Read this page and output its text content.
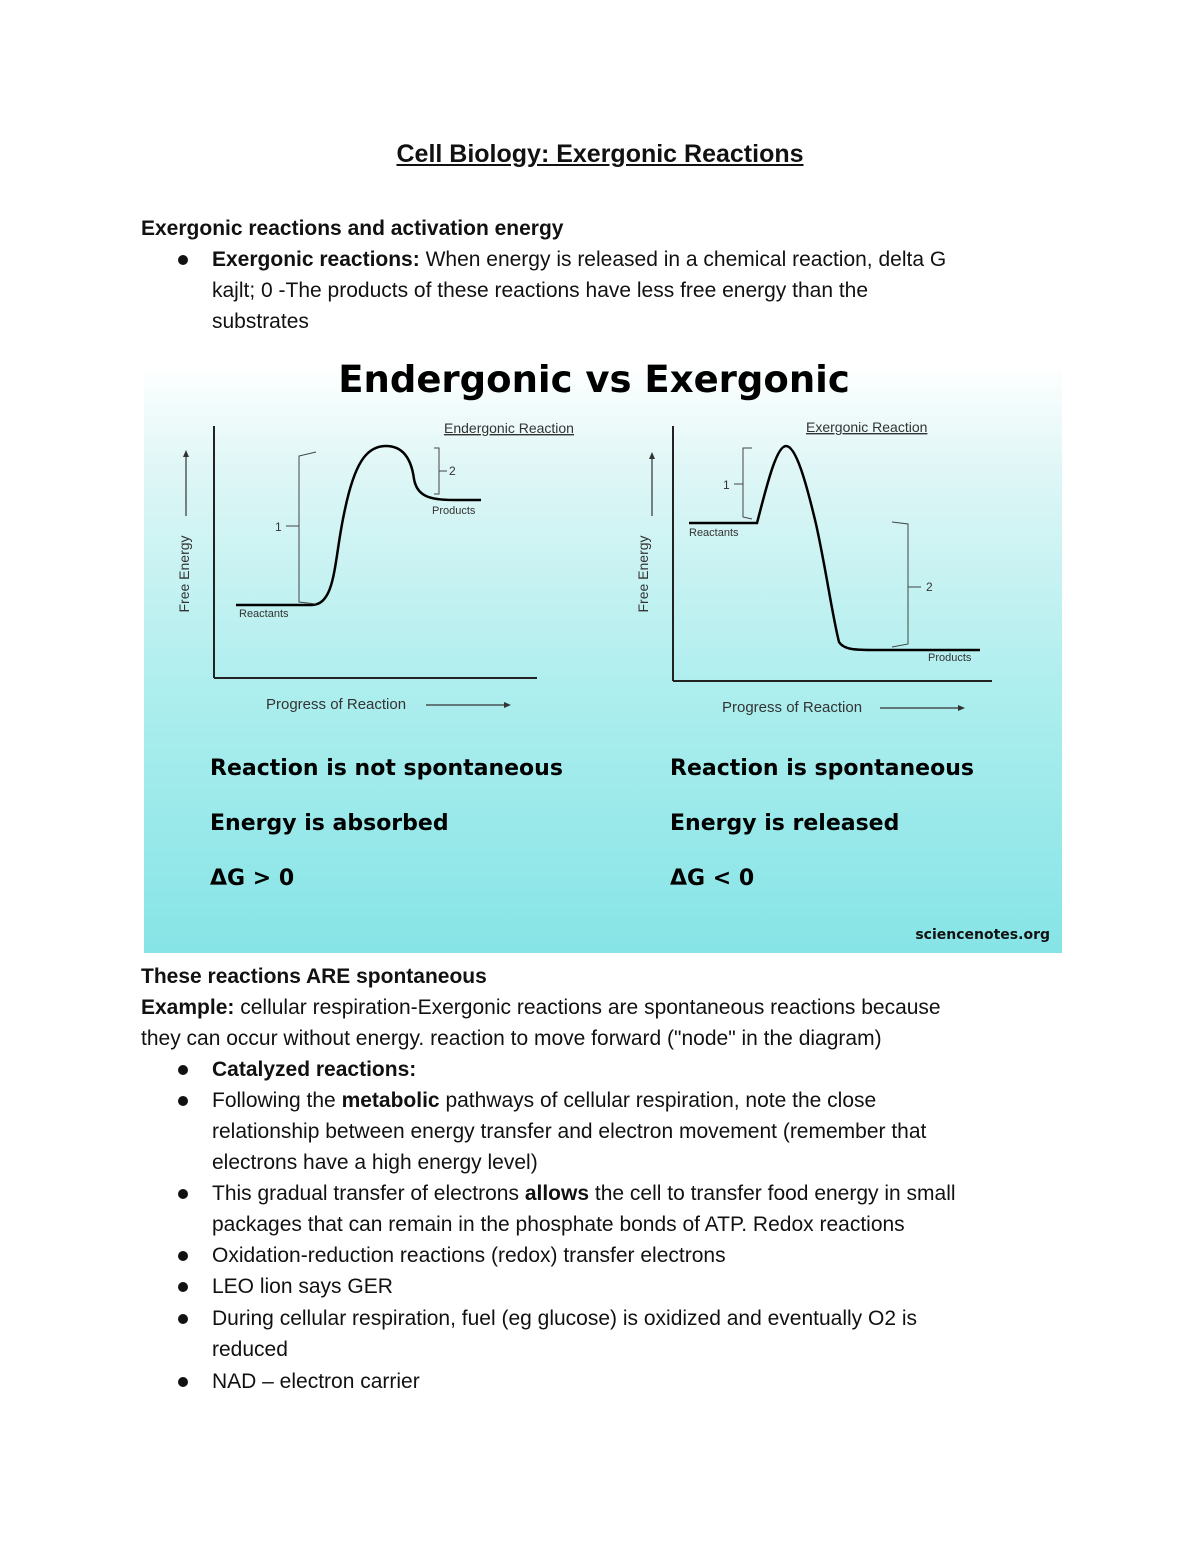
Cell Biology: Exergonic Reactions

Exergonic reactions and activation energy

Exergonic reactions: When energy is released in a chemical reaction, delta G
kajlt; 0 -The products of these reactions have less free energy than the
substrates

Endergonic vs Exergonic
Endergonic Reaction
Free Energy
Progress of Reaction
1
2
Reactants
Products
Exergonic Reaction
Free Energy
Progress of Reaction
1
2
Reactants
Products
Reaction is not spontaneous
Energy is absorbed
ΔG > 0
Reaction is spontaneous
Energy is released
ΔG < 0
sciencenotes.org

These reactions ARE spontaneous

Example: cellular respiration-Exergonic reactions are spontaneous reactions because
they can occur without energy. reaction to move forward ("node" in the diagram)

Catalyzed reactions:

Following the metabolic pathways of cellular respiration, note the close
relationship between energy transfer and electron movement (remember that
electrons have a high energy level)

This gradual transfer of electrons allows the cell to transfer food energy in small
packages that can remain in the phosphate bonds of ATP. Redox reactions

Oxidation-reduction reactions (redox) transfer electrons

LEO lion says GER

During cellular respiration, fuel (eg glucose) is oxidized and eventually O2 is
reduced

NAD – electron carrier
